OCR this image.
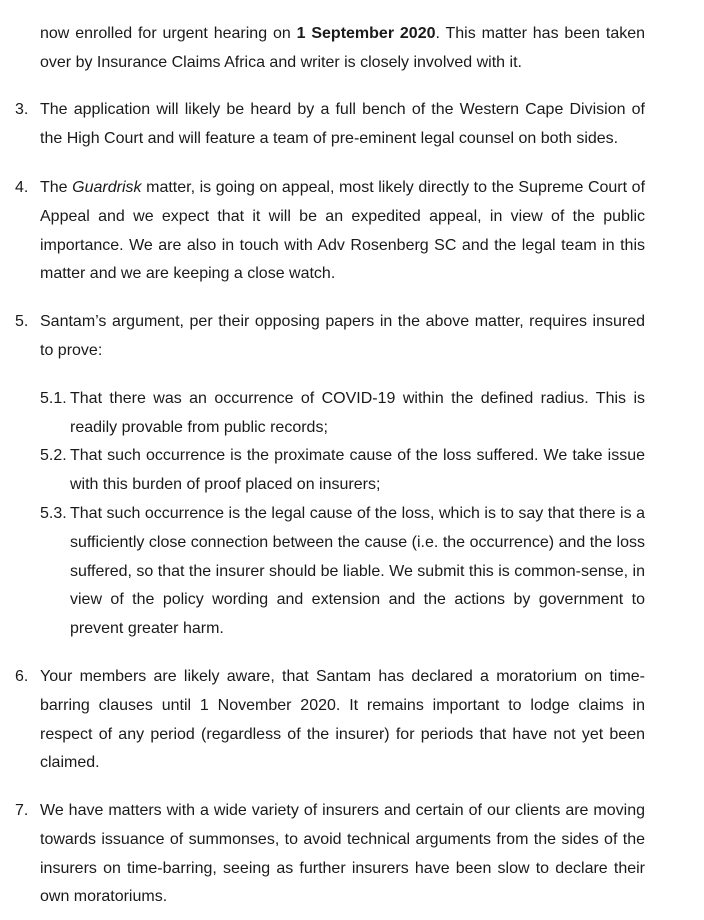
now enrolled for urgent hearing on 1 September 2020. This matter has been taken over by Insurance Claims Africa and writer is closely involved with it.

3. The application will likely be heard by a full bench of the Western Cape Division of the High Court and will feature a team of pre-eminent legal counsel on both sides.

4. The Guardrisk matter, is going on appeal, most likely directly to the Supreme Court of Appeal and we expect that it will be an expedited appeal, in view of the public importance. We are also in touch with Adv Rosenberg SC and the legal team in this matter and we are keeping a close watch.

5. Santam’s argument, per their opposing papers in the above matter, requires insured to prove:

5.1. That there was an occurrence of COVID-19 within the defined radius. This is readily provable from public records;

5.2. That such occurrence is the proximate cause of the loss suffered. We take issue with this burden of proof placed on insurers;

5.3. That such occurrence is the legal cause of the loss, which is to say that there is a sufficiently close connection between the cause (i.e. the occurrence) and the loss suffered, so that the insurer should be liable. We submit this is common-sense, in view of the policy wording and extension and the actions by government to prevent greater harm.

6. Your members are likely aware, that Santam has declared a moratorium on time-barring clauses until 1 November 2020. It remains important to lodge claims in respect of any period (regardless of the insurer) for periods that have not yet been claimed.

7. We have matters with a wide variety of insurers and certain of our clients are moving towards issuance of summonses, to avoid technical arguments from the sides of the insurers on time-barring, seeing as further insurers have been slow to declare their own moratoriums.
